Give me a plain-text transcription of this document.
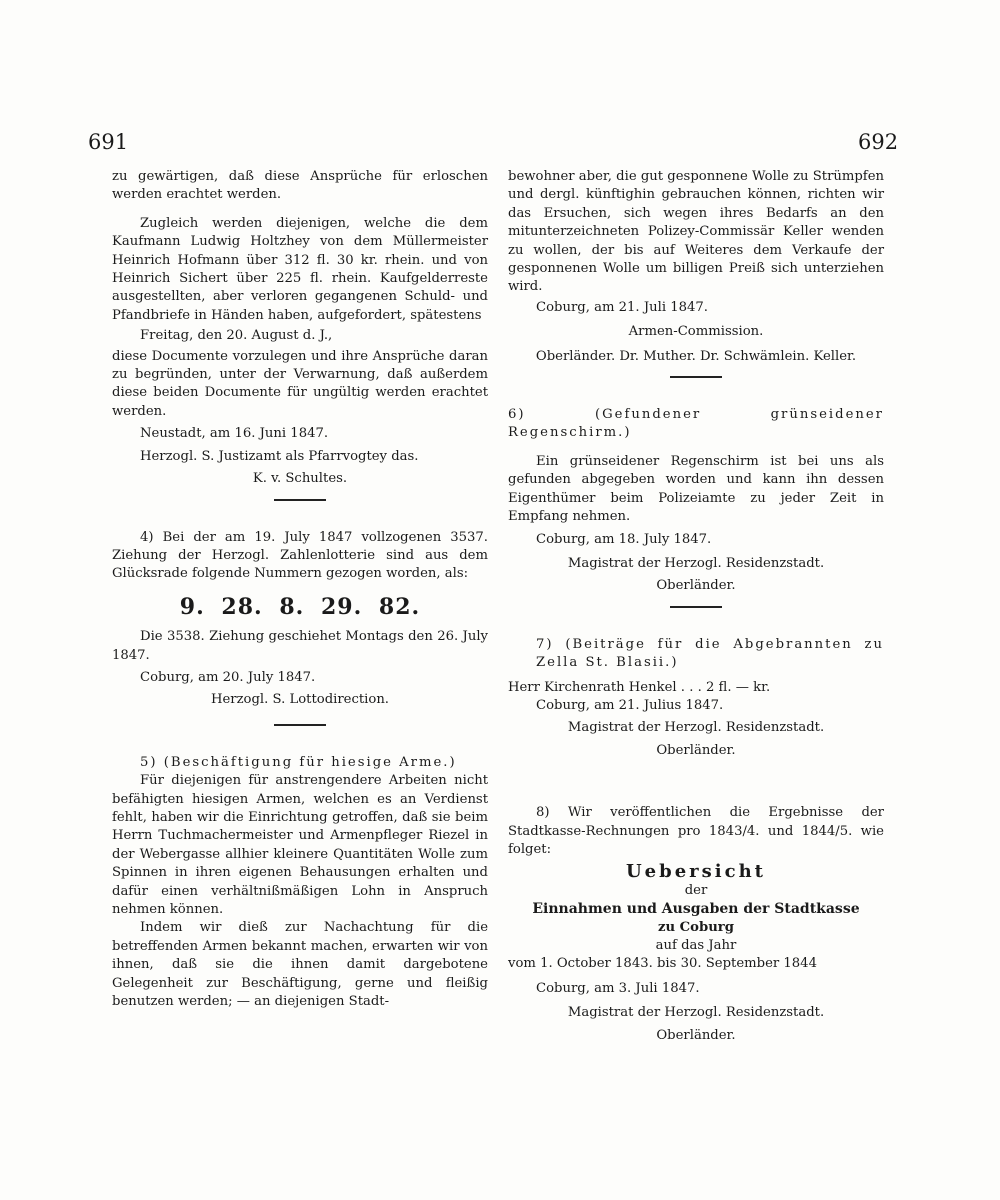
691	692

zu gewärtigen, daß diese Ansprüche für erloschen werden erachtet werden.

Zugleich werden diejenigen, welche die dem Kaufmann Ludwig Holtzhey von dem Müllermeister Heinrich Hofmann über 312 fl. 30 kr. rhein. und von Heinrich Sichert über 225 fl. rhein. Kaufgelderreste ausgestellten, aber verloren gegangenen Schuld- und Pfandbriefe in Händen haben, aufgefordert, spätestens

Freitag, den 20. August d. J.,

diese Documente vorzulegen und ihre Ansprüche daran zu begründen, unter der Verwarnung, daß außerdem diese beiden Documente für ungültig werden erachtet werden.

Neustadt, am 16. Juni 1847.

Herzogl. S. Justizamt als Pfarrvogtey das.

K. v. Schultes.

4) Bei der am 19. July 1847 vollzogenen 3537. Ziehung der Herzogl. Zahlenlotterie sind aus dem Glücksrade folgende Nummern gezogen worden, als:

9. 28. 8. 29. 82.

Die 3538. Ziehung geschiehet Montags den 26. July 1847.

Coburg, am 20. July 1847.

Herzogl. S. Lottodirection.

5) (Beschäftigung für hiesige Arme.)

Für diejenigen für anstrengendere Arbeiten nicht befähigten hiesigen Armen, welchen es an Verdienst fehlt, haben wir die Einrichtung getroffen, daß sie beim Herrn Tuchmachermeister und Armenpfleger Riezel in der Webergasse allhier kleinere Quantitäten Wolle zum Spinnen in ihren eigenen Behausungen erhalten und dafür einen verhältnißmäßigen Lohn in Anspruch nehmen können.

Indem wir dieß zur Nachachtung für die betreffenden Armen bekannt machen, erwarten wir von ihnen, daß sie die ihnen damit dargebotene Gelegenheit zur Beschäftigung, gerne und fleißig benutzen werden; — an diejenigen Stadt-

bewohner aber, die gut gesponnene Wolle zu Strümpfen und dergl. künftighin gebrauchen können, richten wir das Ersuchen, sich wegen ihres Bedarfs an den mitunterzeichneten Polizey-Commissär Keller wenden zu wollen, der bis auf Weiteres dem Verkaufe der gesponnenen Wolle um billigen Preiß sich unterziehen wird.

Coburg, am 21. Juli 1847.

Armen-Commission.

Oberländer. Dr. Muther. Dr. Schwämlein. Keller.

6) (Gefundener grünseidener Regenschirm.)

Ein grünseidener Regenschirm ist bei uns als gefunden abgegeben worden und kann ihn dessen Eigenthümer beim Polizeiamte zu jeder Zeit in Empfang nehmen.

Coburg, am 18. July 1847.

Magistrat der Herzogl. Residenzstadt.

Oberländer.

7) (Beiträge für die Abgebrannten zu Zella St. Blasii.)

Herr Kirchenrath Henkel . . . 2 fl. — kr.

Coburg, am 21. Julius 1847.

Magistrat der Herzogl. Residenzstadt.

Oberländer.

8) Wir veröffentlichen die Ergebnisse der Stadtkasse-Rechnungen pro 1843/4. und 1844/5. wie folget:

Uebersicht

der

Einnahmen und Ausgaben der Stadtkasse

zu Coburg

auf das Jahr

vom 1. October 1843. bis 30. September 1844

Coburg, am 3. Juli 1847.

Magistrat der Herzogl. Residenzstadt.

Oberländer.
